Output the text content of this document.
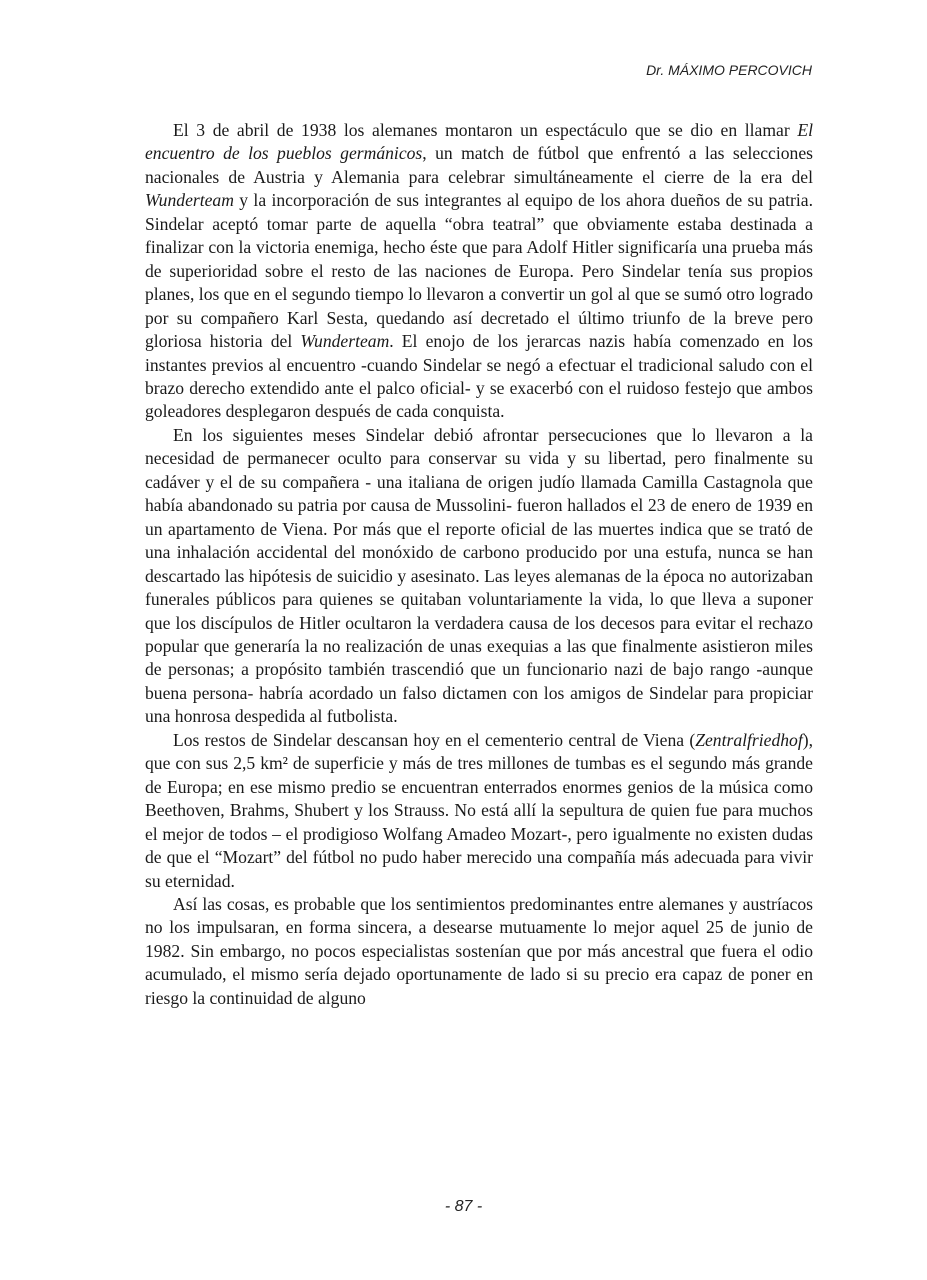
Dr. MÁXIMO PERCOVICH

El 3 de abril de 1938 los alemanes montaron un espectáculo que se dio en llamar El encuentro de los pueblos germánicos, un match de fútbol que enfrentó a las selecciones nacionales de Austria y Alemania para celebrar simultáneamente el cierre de la era del Wunderteam y la incorporación de sus integrantes al equipo de los ahora dueños de su patria. Sindelar aceptó tomar parte de aquella “obra teatral” que obviamente estaba destinada a finalizar con la victoria enemiga, hecho éste que para Adolf Hitler significaría una prueba más de superioridad sobre el resto de las naciones de Europa. Pero Sindelar tenía sus propios planes, los que en el segundo tiempo lo llevaron a convertir un gol al que se sumó otro logrado por su compañero Karl Sesta, quedando así decretado el último triunfo de la breve pero gloriosa historia del Wunderteam. El enojo de los jerarcas nazis había comenzado en los instantes previos al encuentro -cuando Sindelar se negó a efectuar el tradicional saludo con el brazo derecho extendido ante el palco oficial- y se exacerbó con el ruidoso festejo que ambos goleadores desplegaron después de cada conquista.

En los siguientes meses Sindelar debió afrontar persecuciones que lo llevaron a la necesidad de permanecer oculto para conservar su vida y su libertad, pero finalmente su cadáver y el de su compañera - una italiana de origen judío llamada Camilla Castagnola que había abandonado su patria por causa de Mussolini- fueron hallados el 23 de enero de 1939 en un apartamento de Viena. Por más que el reporte oficial de las muertes indica que se trató de una inhalación accidental del monóxido de carbono producido por una estufa, nunca se han descartado las hipótesis de suicidio y asesinato. Las leyes alemanas de la época no autorizaban funerales públicos para quienes se quitaban voluntariamente la vida, lo que lleva a suponer que los discípulos de Hitler ocultaron la verdadera causa de los decesos para evitar el rechazo popular que generaría la no realización de unas exequias a las que finalmente asistieron miles de personas; a propósito también trascendió que un funcionario nazi de bajo rango -aunque buena persona- habría acordado un falso dictamen con los amigos de Sindelar para propiciar una honrosa despedida al futbolista.

Los restos de Sindelar descansan hoy en el cementerio central de Viena (Zentralfriedhof), que con sus 2,5 km² de superficie y más de tres millones de tumbas es el segundo más grande de Europa; en ese mismo predio se encuentran enterrados enormes genios de la música como Beethoven, Brahms, Shubert y los Strauss. No está allí la sepultura de quien fue para muchos el mejor de todos – el prodigioso Wolfang Amadeo Mozart-, pero igualmente no existen dudas de que el “Mozart” del fútbol no pudo haber merecido una compañía más adecuada para vivir su eternidad.

Así las cosas, es probable que los sentimientos predominantes entre alemanes y austríacos no los impulsaran, en forma sincera, a desearse mutuamente lo mejor aquel 25 de junio de 1982. Sin embargo, no pocos especialistas sostenían que por más ancestral que fuera el odio acumulado, el mismo sería dejado oportunamente de lado si su precio era capaz de poner en riesgo la continuidad de alguno

- 87 -
